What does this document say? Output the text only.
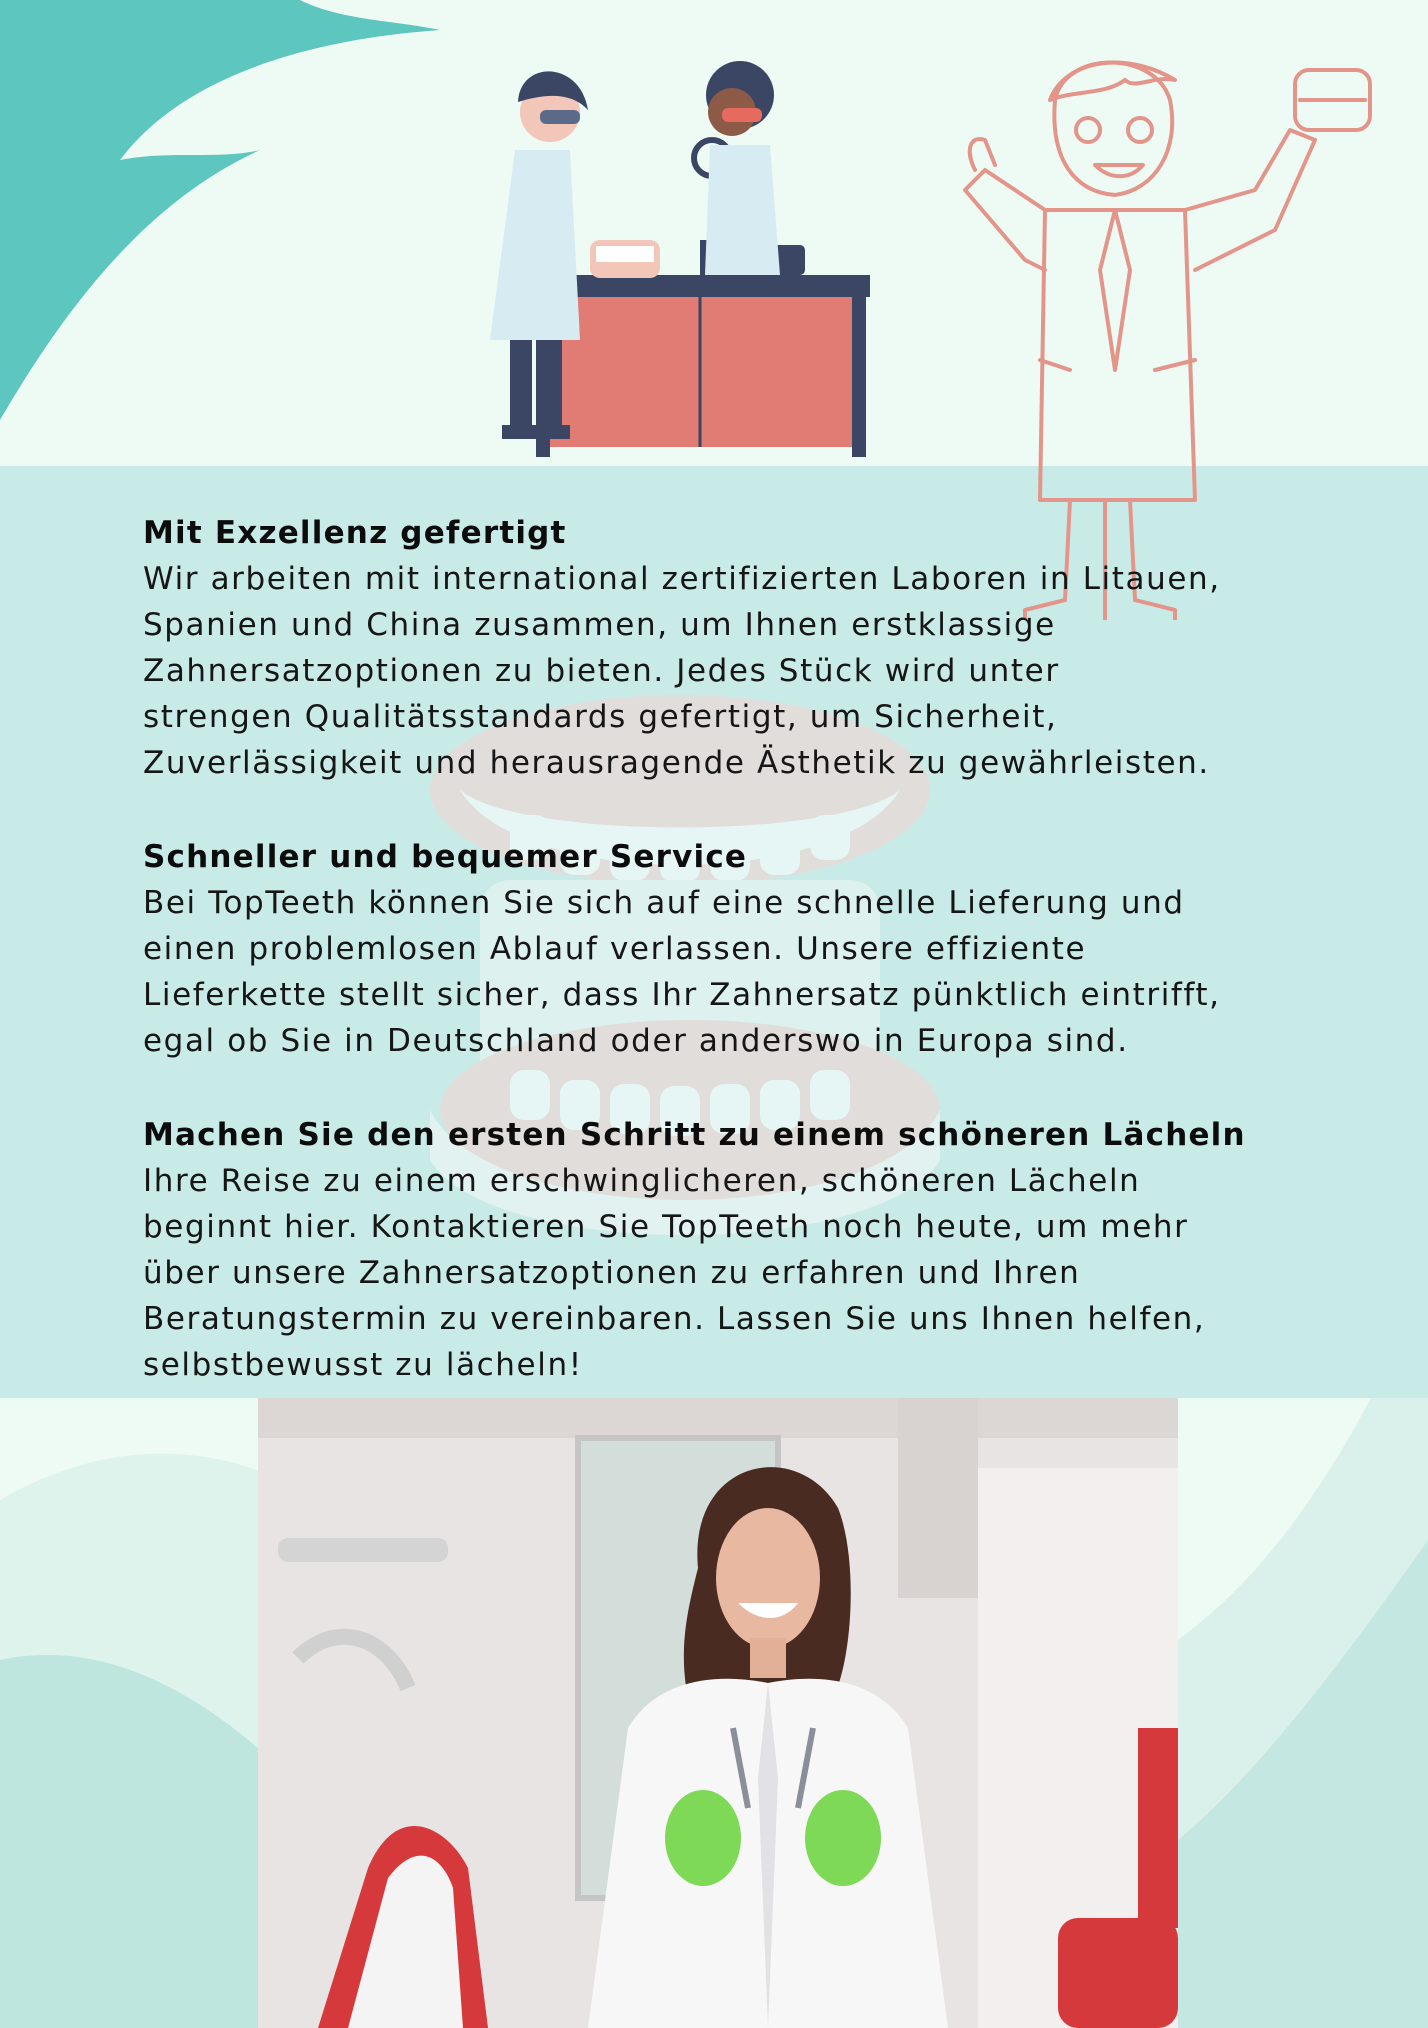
Mit Exzellenz gefertigt

Wir arbeiten mit international zertifizierten Laboren in Litauen,
Spanien und China zusammen, um Ihnen erstklassige
Zahnersatzoptionen zu bieten. Jedes Stück wird unter
strengen Qualitätsstandards gefertigt, um Sicherheit,
Zuverlässigkeit und herausragende Ästhetik zu gewährleisten.

Schneller und bequemer Service

Bei TopTeeth können Sie sich auf eine schnelle Lieferung und
einen problemlosen Ablauf verlassen. Unsere effiziente
Lieferkette stellt sicher, dass Ihr Zahnersatz pünktlich eintrifft,
egal ob Sie in Deutschland oder anderswo in Europa sind.

Machen Sie den ersten Schritt zu einem schöneren Lächeln

Ihre Reise zu einem erschwinglicheren, schöneren Lächeln
beginnt hier. Kontaktieren Sie TopTeeth noch heute, um mehr
über unsere Zahnersatzoptionen zu erfahren und Ihren
Beratungstermin zu vereinbaren. Lassen Sie uns Ihnen helfen,
selbstbewusst zu lächeln!
